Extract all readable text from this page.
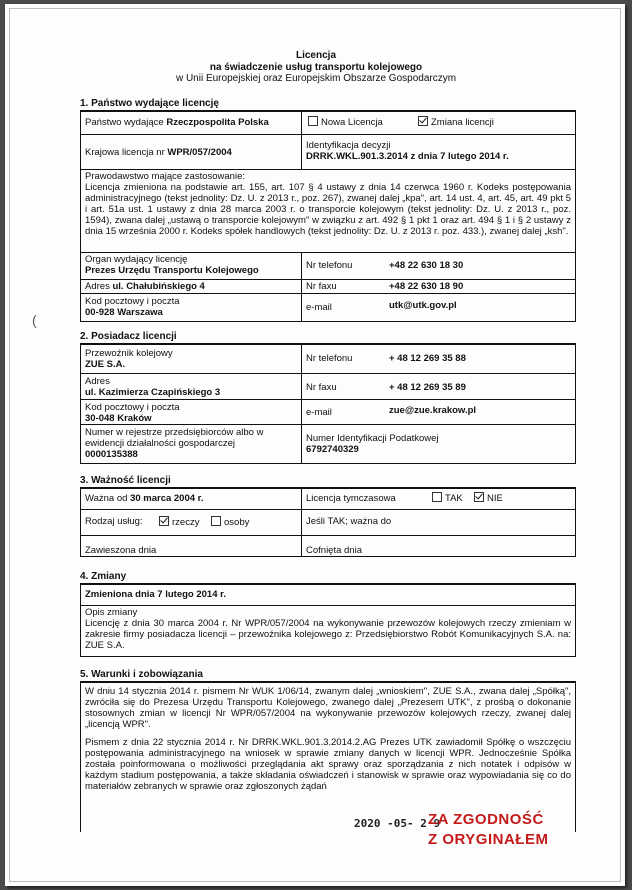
Licencja
na świadczenie usług transportu kolejowego
w Unii Europejskiej oraz Europejskim Obszarze Gospodarczym
1. Państwo wydające licencję
Państwo wydające Rzeczpospolita Polska	Nowa Licencja	Zmiana licencji
Krajowa licencja nr WPR/057/2004
Identyfikacja decyzji
DRRK.WKL.901.3.2014 z dnia 7 lutego 2014 r.
Prawodawstwo mające zastosowanie:
Licencja zmieniona na podstawie art. 155, art. 107 § 4 ustawy z dnia 14 czerwca 1960 r. Kodeks postępowania administracyjnego (tekst jednolity: Dz. U. z 2013 r., poz. 267), zwanej dalej „kpa", art. 14 ust. 4, art. 45, art. 49 pkt 5 i art. 51a ust. 1 ustawy z dnia 28 marca 2003 r. o transporcie kolejowym (tekst jednolity: Dz. U. z 2013 r., poz. 1594), zwana dalej „ustawą o transporcie kolejowym" w związku z art. 492 § 1 pkt 1 oraz art. 494 § 1 i § 2 ustawy z dnia 15 września 2000 r. Kodeks spółek handlowych (tekst jednolity: Dz. U. z 2013 r. poz. 433.), zwanej dalej „ksh".
Organ wydający licencję
Prezes Urzędu Transportu Kolejowego	Nr telefonu	+48 22 630 18 30
Adres ul. Chałubińskiego 4	Nr faxu	+48 22 630 18 90
Kod pocztowy i poczta
00-928 Warszawa	e-mail	utk@utk.gov.pl
(
2. Posiadacz licencji
Przewoźnik kolejowy
ZUE S.A.
Nr telefonu	+ 48 12 269 35 88
Adres
ul. Kazimierza Czapińskiego 3	Nr faxu	+ 48 12 269 35 89
Kod pocztowy i poczta
30-048 Kraków
e-mail	zue@zue.krakow.pl
Numer w rejestrze przedsiębiorców albo w ewidencji działalności gospodarczej
0000135388
Numer Identyfikacji Podatkowej
6792740329
3. Ważność licencji
Ważna od 30 marca 2004 r.	Licencja tymczasowa	TAK	NIE
Rodzaj usług:	rzeczy	osoby	Jeśli TAK; ważna do
Zawieszona dnia	Cofnięta dnia
4. Zmiany
Zmieniona dnia 7 lutego 2014 r.
Opis zmiany
Licencję z dnia 30 marca 2004 r. Nr WPR/057/2004 na wykonywanie przewozów kolejowych rzeczy zmieniam w zakresie firmy posiadacza licencji – przewoźnika kolejowego z: Przedsiębiorstwo Robót Komunikacyjnych S.A. na: ZUE S.A.
5. Warunki i zobowiązania
W dniu 14 stycznia 2014 r. pismem Nr WUK 1/06/14, zwanym dalej „wnioskiem", ZUE S.A., zwana dalej „Spółką", zwróciła się do Prezesa Urzędu Transportu Kolejowego, zwanego dalej „Prezesem UTK", z prośbą o dokonanie stosownych zmian w licencji Nr WPR/057/2004 na wykonywanie przewozów kolejowych rzeczy, zwanej dalej „licencją WPR".
Pismem z dnia 22 stycznia 2014 r. Nr DRRK.WKL.901.3.2014.2.AG Prezes UTK zawiadomił Spółkę o wszczęciu postępowania administracyjnego na wniosek w sprawie zmiany danych w licencji WPR. Jednocześnie Spółka została poinformowana o możliwości przeglądania akt sprawy oraz sporządzania z nich notatek i odpisów w każdym stadium postępowania, a także składania oświadczeń i stanowisk w sprawie oraz wypowiadania się co do materiałów zebranych w sprawie oraz zgłoszonych żądań
2020 -05- 2 9
ZA ZGODNOŚĆ
Z ORYGINAŁEM
